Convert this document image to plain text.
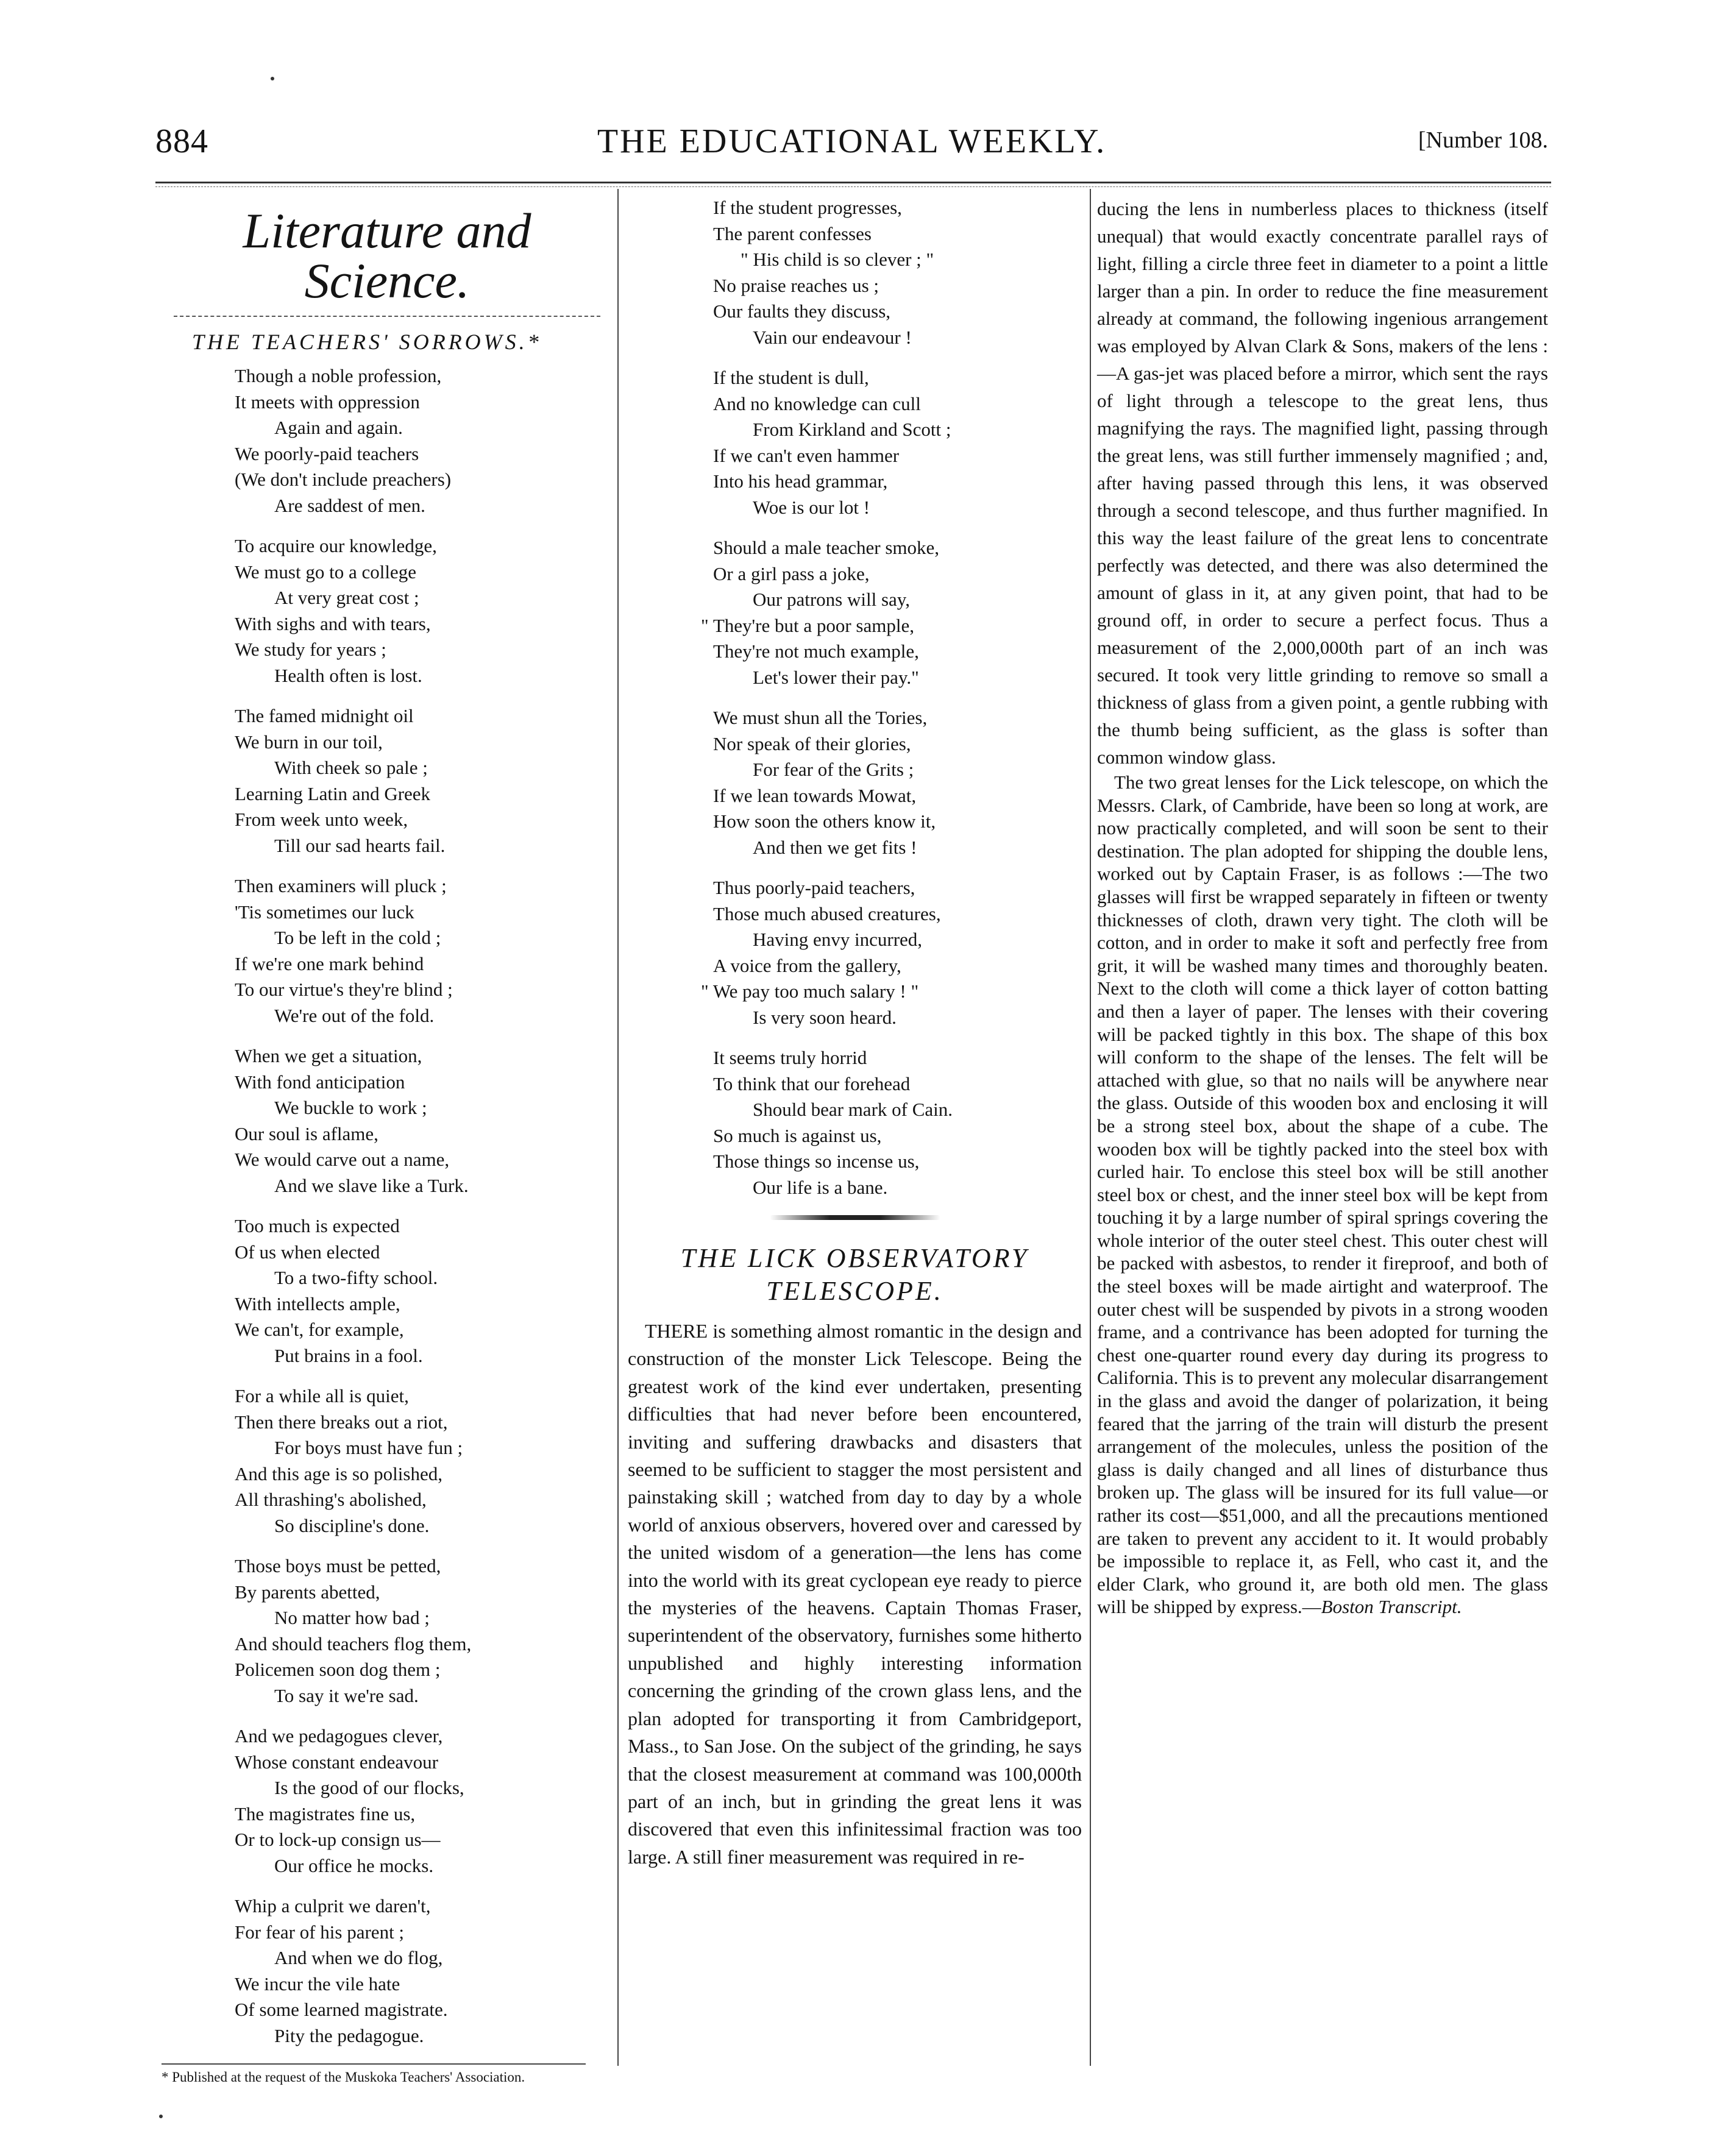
884	THE EDUCATIONAL WEEKLY.	[Number 108.
Literature and Science.
THE TEACHERS' SORROWS.*
Though a noble profession,
It meets with oppression
Again and again.
We poorly-paid teachers
(We don't include preachers)
Are saddest of men.
To acquire our knowledge,
We must go to a college
At very great cost ;
With sighs and with tears,
We study for years ;
Health often is lost.
The famed midnight oil
We burn in our toil,
With cheek so pale ;
Learning Latin and Greek
From week unto week,
Till our sad hearts fail.
Then examiners will pluck ;
'Tis sometimes our luck
To be left in the cold ;
If we're one mark behind
To our virtue's they're blind ;
We're out of the fold.
When we get a situation,
With fond anticipation
We buckle to work ;
Our soul is aflame,
We would carve out a name,
And we slave like a Turk.
Too much is expected
Of us when elected
To a two-fifty school.
With intellects ample,
We can't, for example,
Put brains in a fool.
For a while all is quiet,
Then there breaks out a riot,
For boys must have fun ;
And this age is so polished,
All thrashing's abolished,
So discipline's done.
Those boys must be petted,
By parents abetted,
No matter how bad ;
And should teachers flog them,
Policemen soon dog them ;
To say it we're sad.
And we pedagogues clever,
Whose constant endeavour
Is the good of our flocks,
The magistrates fine us,
Or to lock-up consign us—
Our office he mocks.
Whip a culprit we daren't,
For fear of his parent ;
And when we do flog,
We incur the vile hate
Of some learned magistrate.
Pity the pedagogue.
* Published at the request of the Muskoka Teachers' Association.
If the student progresses,
The parent confesses
" His child is so clever ; "
No praise reaches us ;
Our faults they discuss,
Vain our endeavour !
If the student is dull,
And no knowledge can cull
From Kirkland and Scott ;
If we can't even hammer
Into his head grammar,
Woe is our lot !
Should a male teacher smoke,
Or a girl pass a joke,
Our patrons will say,
" They're but a poor sample,
They're not much example,
Let's lower their pay."
We must shun all the Tories,
Nor speak of their glories,
For fear of the Grits ;
If we lean towards Mowat,
How soon the others know it,
And then we get fits !
Thus poorly-paid teachers,
Those much abused creatures,
Having envy incurred,
A voice from the gallery,
" We pay too much salary ! "
Is very soon heard.
It seems truly horrid
To think that our forehead
Should bear mark of Cain.
So much is against us,
Those things so incense us,
Our life is a bane.
THE LICK OBSERVATORY TELESCOPE.

THERE is something almost romantic in the design and construction of the monster Lick Telescope. Being the greatest work of the kind ever undertaken, presenting difficulties that had never before been encountered, inviting and suffering drawbacks and disasters that seemed to be sufficient to stagger the most persistent and painstaking skill ; watched from day to day by a whole world of anxious observers, hovered over and caressed by the united wisdom of a generation—the lens has come into the world with its great cyclopean eye ready to pierce the mysteries of the heavens. Captain Thomas Fraser, superintendent of the observatory, furnishes some hitherto unpublished and highly interesting information concerning the grinding of the crown glass lens, and the plan adopted for transporting it from Cambridgeport, Mass., to San Jose. On the subject of the grinding, he says that the closest measurement at command was 100,000th part of an inch, but in grinding the great lens it was discovered that even this infinitessimal fraction was too large. A still finer measurement was required in re-

ducing the lens in numberless places to thickness (itself unequal) that would exactly concentrate parallel rays of light, filling a circle three feet in diameter to a point a little larger than a pin. In order to reduce the fine measurement already at command, the following ingenious arrangement was employed by Alvan Clark & Sons, makers of the lens :—A gas-jet was placed before a mirror, which sent the rays of light through a telescope to the great lens, thus magnifying the rays. The magnified light, passing through the great lens, was still further immensely magnified ; and, after having passed through this lens, it was observed through a second telescope, and thus further magnified. In this way the least failure of the great lens to concentrate perfectly was detected, and there was also determined the amount of glass in it, at any given point, that had to be ground off, in order to secure a perfect focus. Thus a measurement of the 2,000,000th part of an inch was secured. It took very little grinding to remove so small a thickness of glass from a given point, a gentle rubbing with the thumb being sufficient, as the glass is softer than common window glass.

The two great lenses for the Lick telescope, on which the Messrs. Clark, of Cambride, have been so long at work, are now practically completed, and will soon be sent to their destination. The plan adopted for shipping the double lens, worked out by Captain Fraser, is as follows :—The two glasses will first be wrapped separately in fifteen or twenty thicknesses of cloth, drawn very tight. The cloth will be cotton, and in order to make it soft and perfectly free from grit, it will be washed many times and thoroughly beaten. Next to the cloth will come a thick layer of cotton batting and then a layer of paper. The lenses with their covering will be packed tightly in this box. The shape of this box will conform to the shape of the lenses. The felt will be attached with glue, so that no nails will be anywhere near the glass. Outside of this wooden box and enclosing it will be a strong steel box, about the shape of a cube. The wooden box will be tightly packed into the steel box with curled hair. To enclose this steel box will be still another steel box or chest, and the inner steel box will be kept from touching it by a large number of spiral springs covering the whole interior of the outer steel chest. This outer chest will be packed with asbestos, to render it fireproof, and both of the steel boxes will be made airtight and waterproof. The outer chest will be suspended by pivots in a strong wooden frame, and a contrivance has been adopted for turning the chest one-quarter round every day during its progress to California. This is to prevent any molecular disarrangement in the glass and avoid the danger of polarization, it being feared that the jarring of the train will disturb the present arrangement of the molecules, unless the position of the glass is daily changed and all lines of disturbance thus broken up. The glass will be insured for its full value—or rather its cost—$51,000, and all the precautions mentioned are taken to prevent any accident to it. It would probably be impossible to replace it, as Fell, who cast it, and the elder Clark, who ground it, are both old men. The glass will be shipped by express.—Boston Transcript.
